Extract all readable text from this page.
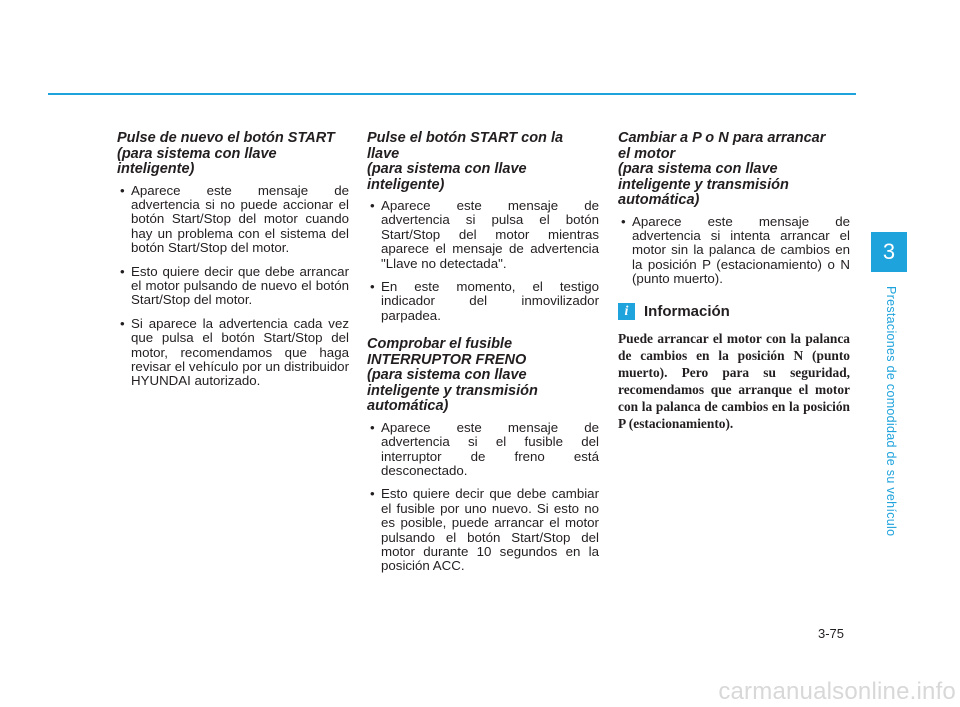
Pulse de nuevo el botón START
(para sistema con llave
inteligente)
• Aparece este mensaje de advertencia si no puede accionar el botón Start/Stop del motor cuando hay un problema con el sistema del botón Start/Stop del motor.
• Esto quiere decir que debe arrancar el motor pulsando de nuevo el botón Start/Stop del motor.
• Si aparece la advertencia cada vez que pulsa el botón Start/Stop del motor, recomendamos que haga revisar el vehículo por un distribuidor HYUNDAI autorizado.
Pulse el botón START con la
llave
(para sistema con llave
inteligente)
• Aparece este mensaje de advertencia si pulsa el botón Start/Stop del motor mientras aparece el mensaje de advertencia "Llave no detectada".
• En este momento, el testigo indicador del inmovilizador parpadea.
Comprobar el fusible
INTERRUPTOR FRENO
(para sistema con llave
inteligente y transmisión
automática)
• Aparece este mensaje de advertencia si el fusible del interruptor de freno está desconectado.
• Esto quiere decir que debe cambiar el fusible por uno nuevo. Si esto no es posible, puede arrancar el motor pulsando el botón Start/Stop del motor durante 10 segundos en la posición ACC.
Cambiar a P o N para arrancar
el motor
(para sistema con llave
inteligente y transmisión
automática)
• Aparece este mensaje de advertencia si intenta arrancar el motor sin la palanca de cambios en la posición P (estacionamiento) o N (punto muerto).
i	Información

Puede arrancar el motor con la palanca de cambios en la posición N (punto muerto). Pero para su seguridad, recomendamos que arranque el motor con la palanca de cambios en la posición P (estacionamiento).

3
Prestaciones de comodidad de su vehículo
3-75
carmanualsonline.info
